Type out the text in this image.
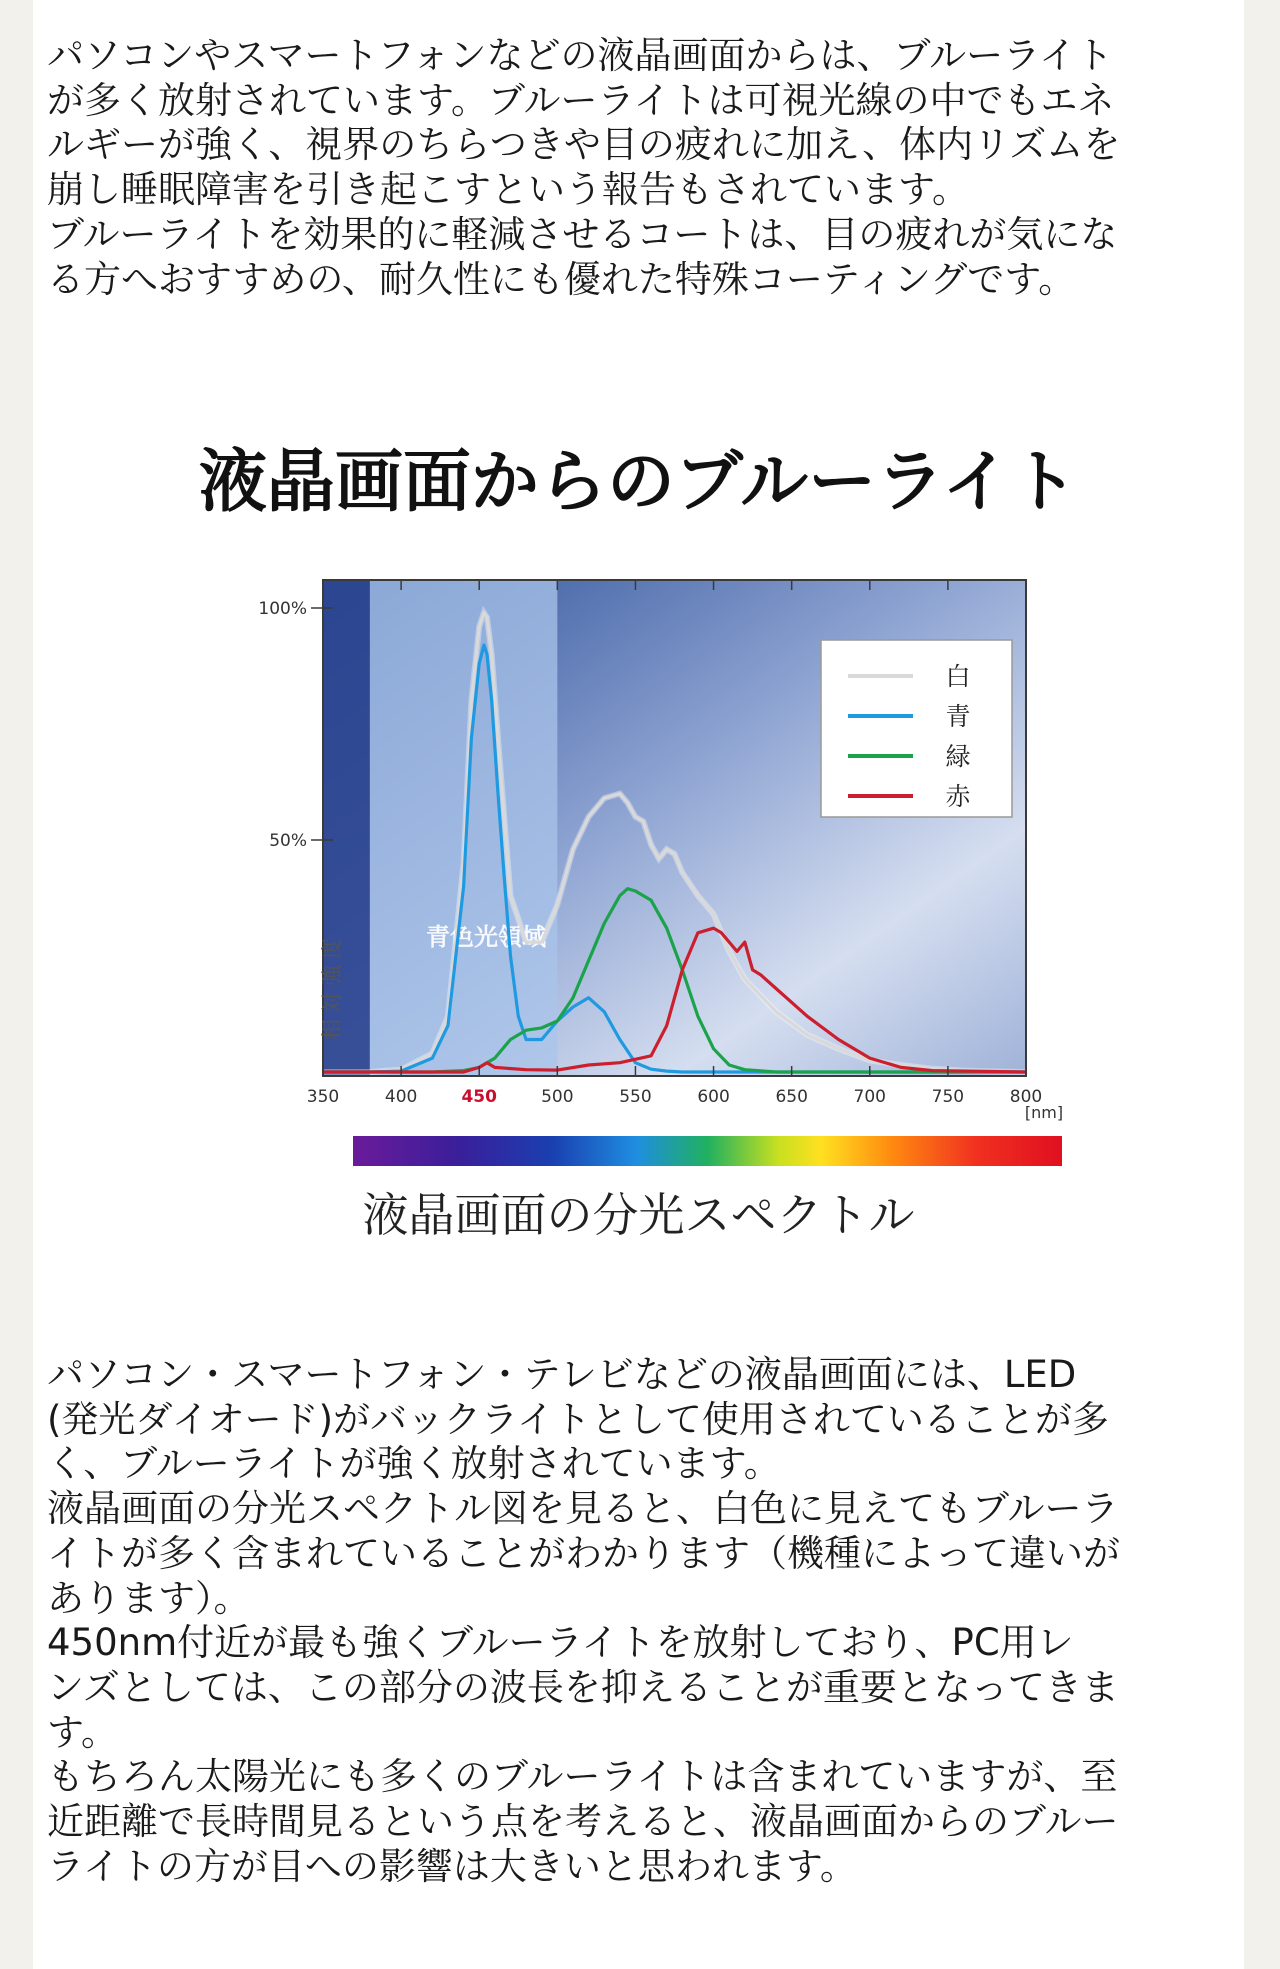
パソコンやスマートフォンなどの液晶画面からは、ブルーライト
が多く放射されています。ブルーライトは可視光線の中でもエネ
ルギーが強く、視界のちらつきや目の疲れに加え、体内リズムを
崩し睡眠障害を引き起こすという報告もされています。
ブルーライトを効果的に軽減させるコートは、目の疲れが気にな
る方へおすすめの、耐久性にも優れた特殊コーティングです。
液晶画面からのブルーライト
青色光領域
350	400	450	500	550	600	650	700	750	800
100%
50%
[nm]
相対強度
白
青
緑
赤
液晶画面の分光スペクトル
パソコン・スマートフォン・テレビなどの液晶画面には、LED
(発光ダイオード)がバックライトとして使用されていることが多
く、ブルーライトが強く放射されています。
液晶画面の分光スペクトル図を見ると、白色に見えてもブルーラ
イトが多く含まれていることがわかります（機種によって違いが
あります）。
450nm付近が最も強くブルーライトを放射しており、PC用レ
ンズとしては、この部分の波長を抑えることが重要となってきま
す。
もちろん太陽光にも多くのブルーライトは含まれていますが、至
近距離で長時間見るという点を考えると、液晶画面からのブルー
ライトの方が目への影響は大きいと思われます。
